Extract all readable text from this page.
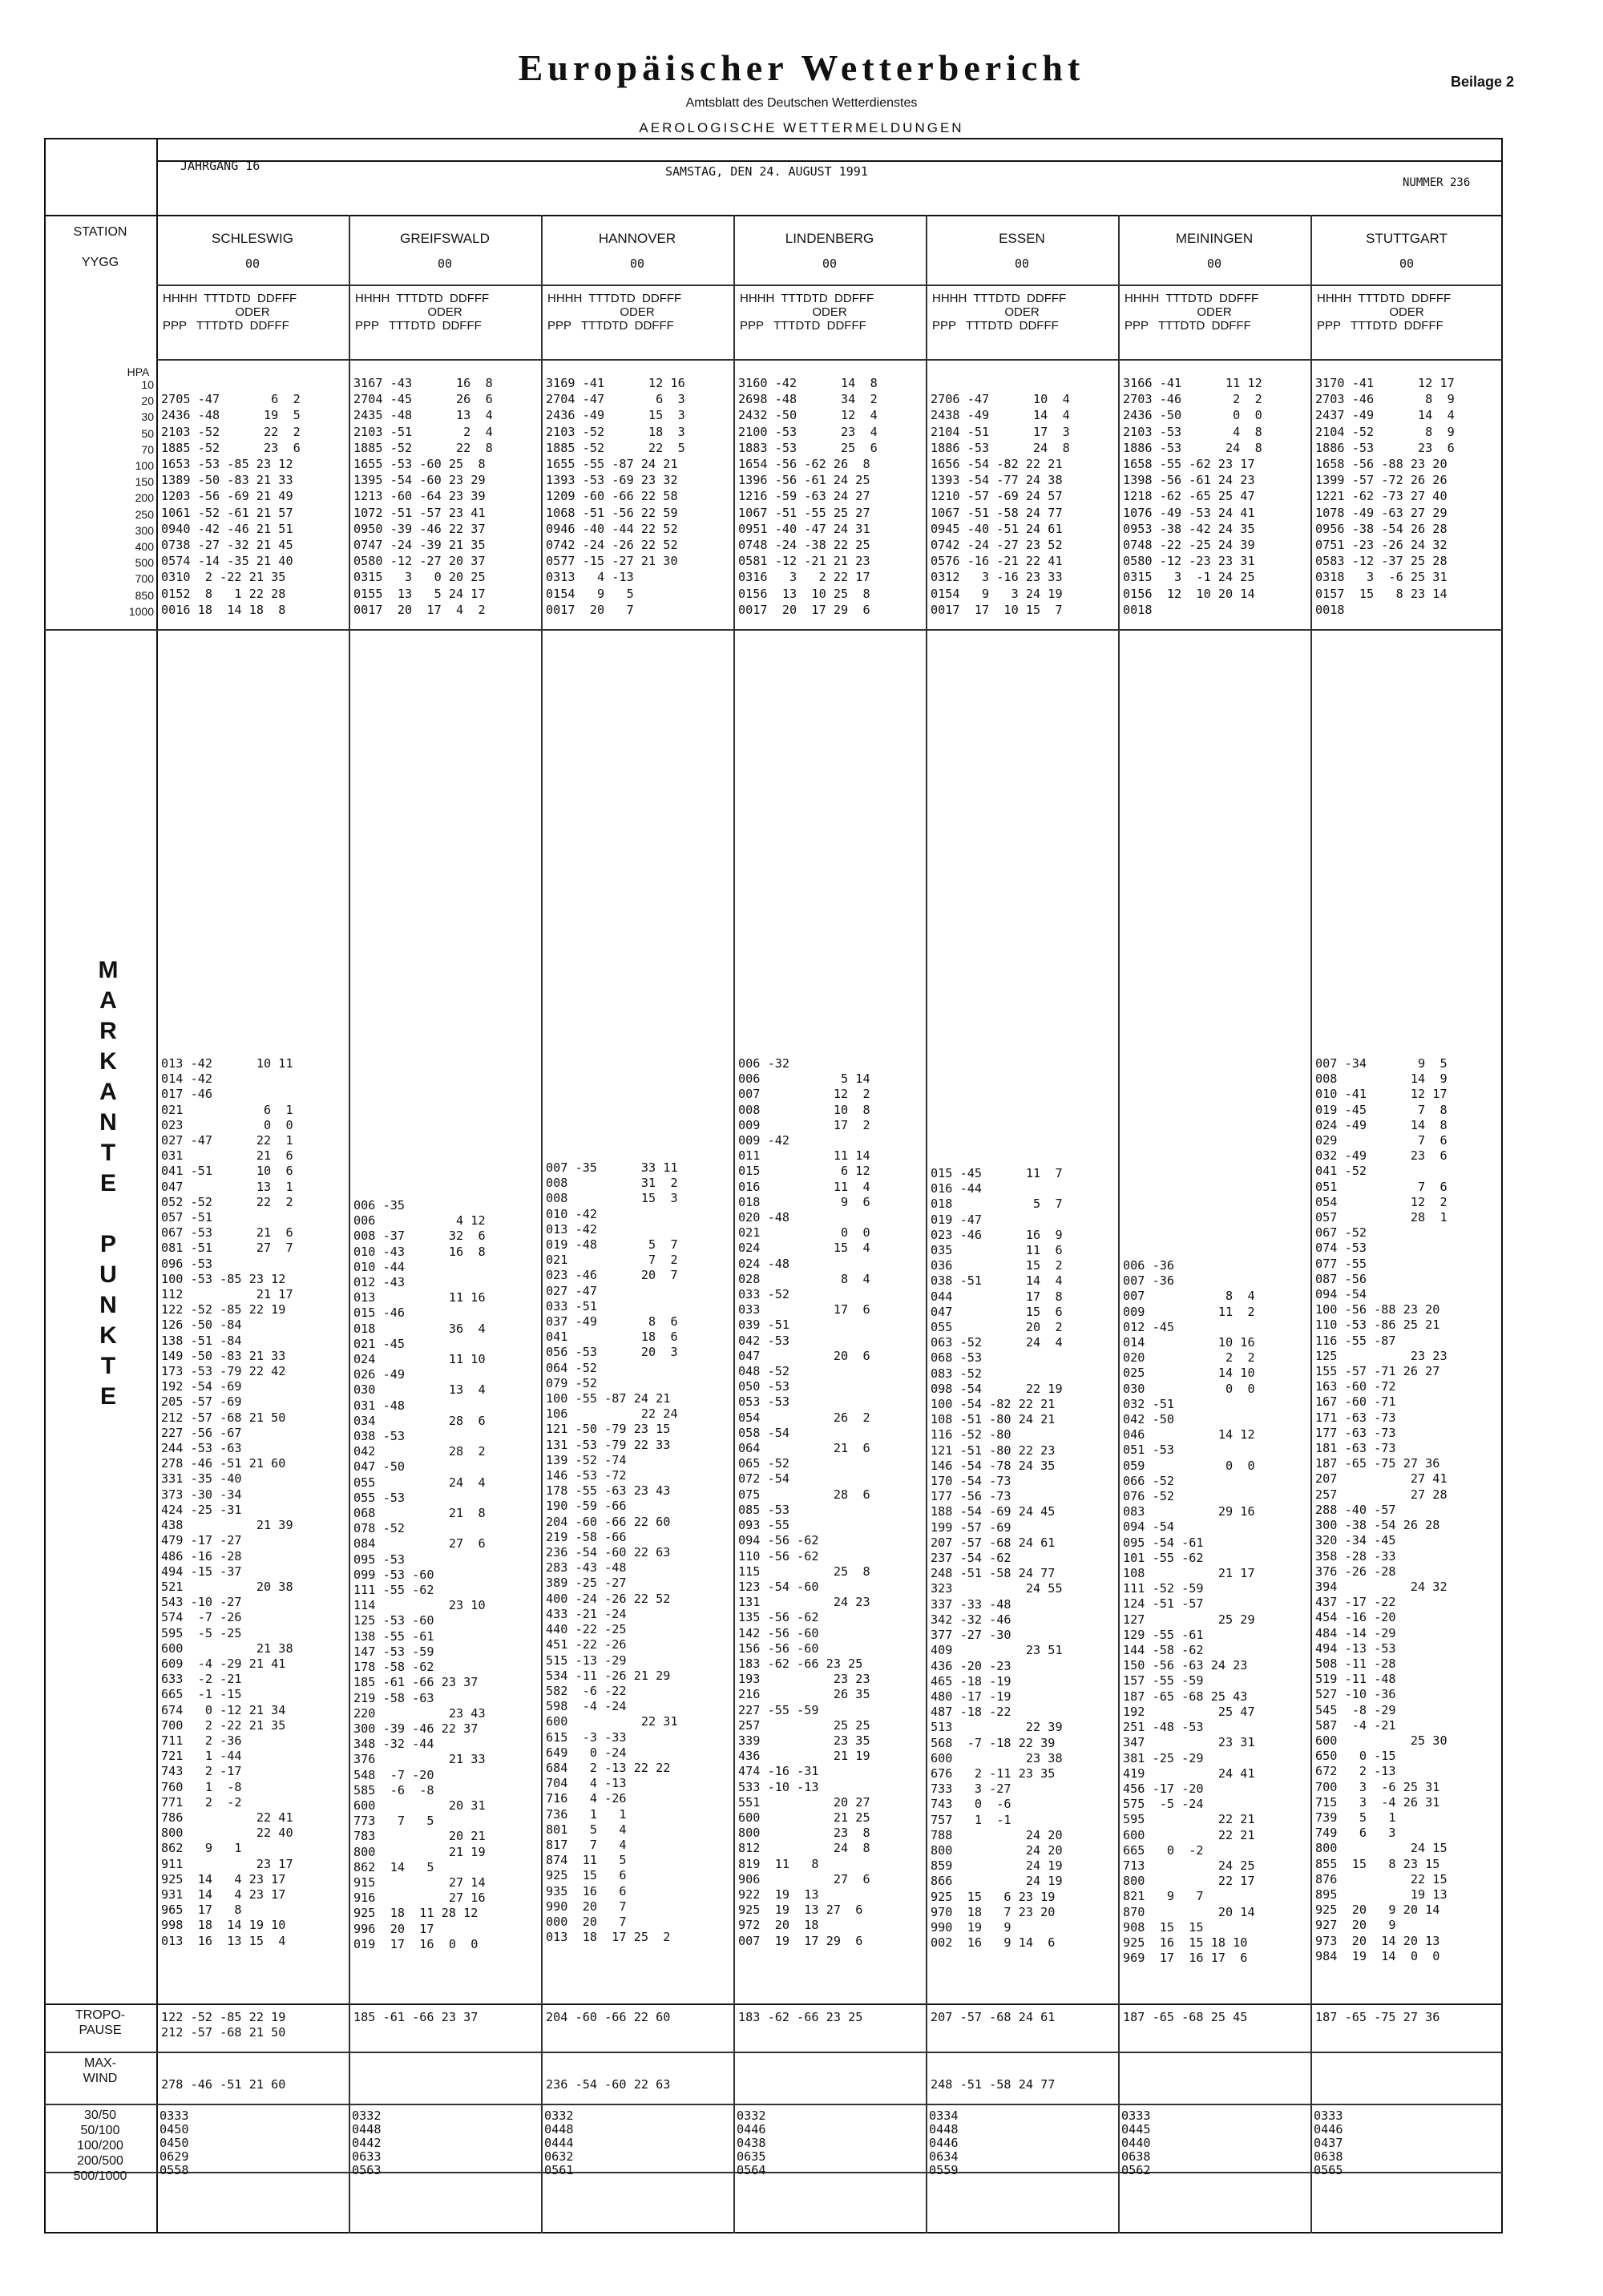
Europäischer Wetterbericht
Amtsblatt des Deutschen Wetterdienstes
Beilage 2
AEROLOGISCHE WETTERMELDUNGEN
JAHRGANG 16	SAMSTAG, DEN 24. AUGUST 1991
NUMMER 236
STATION
YYGG
HPA
10
20
30
50
70
100
150
200
250
300
400
500
700
850
1000
M
A
R
K
A
N
T
E

P
U
N
K
T
E
TROPO-
PAUSE
MAX-
WIND
30/50
50/100
100/200
200/500
500/1000
SCHLESWIG
00
HHHH  TTTDTD  DDFFF
ODER
PPP   TTTDTD  DDFFF

2705 -47       6  2
2436 -48      19  5
2103 -52      22  2
1885 -52      23  6
1653 -53 -85 23 12
1389 -50 -83 21 33
1203 -56 -69 21 49
1061 -52 -61 21 57
0940 -42 -46 21 51
0738 -27 -32 21 45
0574 -14 -35 21 40
0310  2 -22 21 35
0152  8   1 22 28
0016 18  14 18  8
013 -42      10 11
014 -42
017 -46
021           6  1
023           0  0
027 -47      22  1
031          21  6
041 -51      10  6
047          13  1
052 -52      22  2
057 -51
067 -53      21  6
081 -51      27  7
096 -53
100 -53 -85 23 12
112          21 17
122 -52 -85 22 19
126 -50 -84
138 -51 -84
149 -50 -83 21 33
173 -53 -79 22 42
192 -54 -69
205 -57 -69
212 -57 -68 21 50
227 -56 -67
244 -53 -63
278 -46 -51 21 60
331 -35 -40
373 -30 -34
424 -25 -31
438          21 39
479 -17 -27
486 -16 -28
494 -15 -37
521          20 38
543 -10 -27
574  -7 -26
595  -5 -25
600          21 38
609  -4 -29 21 41
633  -2 -21
665  -1 -15
674   0 -12 21 34
700   2 -22 21 35
711   2 -36
721   1 -44
743   2 -17
760   1  -8
771   2  -2
786          22 41
800          22 40
862   9   1
911          23 17
925  14   4 23 17
931  14   4 23 17
965  17   8
998  18  14 19 10
013  16  13 15  4
122 -52 -85 22 19
212 -57 -68 21 50
278 -46 -51 21 60
0333
0450
0450
0629
0558
GREIFSWALD
00
HHHH  TTTDTD  DDFFF
ODER
PPP   TTTDTD  DDFFF
3167 -43      16  8
2704 -45      26  6
2435 -48      13  4
2103 -51       2  4
1885 -52      22  8
1655 -53 -60 25  8
1395 -54 -60 23 29
1213 -60 -64 23 39
1072 -51 -57 23 41
0950 -39 -46 22 37
0747 -24 -39 21 35
0580 -12 -27 20 37
0315   3   0 20 25
0155  13   5 24 17
0017  20  17  4  2
006 -35
006           4 12
008 -37      32  6
010 -43      16  8
010 -44
012 -43
013          11 16
015 -46
018          36  4
021 -45
024          11 10
026 -49
030          13  4
031 -48
034          28  6
038 -53
042          28  2
047 -50
055          24  4
055 -53
068          21  8
078 -52
084          27  6
095 -53
099 -53 -60
111 -55 -62
114          23 10
125 -53 -60
138 -55 -61
147 -53 -59
178 -58 -62
185 -61 -66 23 37
219 -58 -63
220          23 43
300 -39 -46 22 37
348 -32 -44
376          21 33
548  -7 -20
585  -6  -8
600          20 31
773   7   5
783          20 21
800          21 19
862  14   5
915          27 14
916          27 16
925  18  11 28 12
996  20  17
019  17  16  0  0
185 -61 -66 23 37
0332
0448
0442
0633
0563
HANNOVER
00
HHHH  TTTDTD  DDFFF
ODER
PPP   TTTDTD  DDFFF
3169 -41      12 16
2704 -47       6  3
2436 -49      15  3
2103 -52      18  3
1885 -52      22  5
1655 -55 -87 24 21
1393 -53 -69 23 32
1209 -60 -66 22 58
1068 -51 -56 22 59
0946 -40 -44 22 52
0742 -24 -26 22 52
0577 -15 -27 21 30
0313   4 -13
0154   9   5
0017  20   7
007 -35      33 11
008          31  2
008          15  3
010 -42
013 -42
019 -48       5  7
021           7  2
023 -46      20  7
027 -47
033 -51
037 -49       8  6
041          18  6
056 -53      20  3
064 -52
079 -52
100 -55 -87 24 21
106          22 24
121 -50 -79 23 15
131 -53 -79 22 33
139 -52 -74
146 -53 -72
178 -55 -63 23 43
190 -59 -66
204 -60 -66 22 60
219 -58 -66
236 -54 -60 22 63
283 -43 -48
389 -25 -27
400 -24 -26 22 52
433 -21 -24
440 -22 -25
451 -22 -26
515 -13 -29
534 -11 -26 21 29
582  -6 -22
598  -4 -24
600          22 31
615  -3 -33
649   0 -24
684   2 -13 22 22
704   4 -13
716   4 -26
736   1   1
801   5   4
817   7   4
874  11   5
925  15   6
935  16   6
990  20   7
000  20   7
013  18  17 25  2
204 -60 -66 22 60
236 -54 -60 22 63
0332
0448
0444
0632
0561
LINDENBERG
00
HHHH  TTTDTD  DDFFF
ODER
PPP   TTTDTD  DDFFF
3160 -42      14  8
2698 -48      34  2
2432 -50      12  4
2100 -53      23  4
1883 -53      25  6
1654 -56 -62 26  8
1396 -56 -61 24 25
1216 -59 -63 24 27
1067 -51 -55 25 27
0951 -40 -47 24 31
0748 -24 -38 22 25
0581 -12 -21 21 23
0316   3   2 22 17
0156  13  10 25  8
0017  20  17 29  6
006 -32
006           5 14
007          12  2
008          10  8
009          17  2
009 -42
011          11 14
015           6 12
016          11  4
018           9  6
020 -48
021           0  0
024          15  4
024 -48
028           8  4
033 -52
033          17  6
039 -51
042 -53
047          20  6
048 -52
050 -53
053 -53
054          26  2
058 -54
064          21  6
065 -52
072 -54
075          28  6
085 -53
093 -55
094 -56 -62
110 -56 -62
115          25  8
123 -54 -60
131          24 23
135 -56 -62
142 -56 -60
156 -56 -60
183 -62 -66 23 25
193          23 23
216          26 35
227 -55 -59
257          25 25
339          23 35
436          21 19
474 -16 -31
533 -10 -13
551          20 27
600          21 25
800          23  8
812          24  8
819  11   8
906          27  6
922  19  13
925  19  13 27  6
972  20  18
007  19  17 29  6
183 -62 -66 23 25
0332
0446
0438
0635
0564
ESSEN
00
HHHH  TTTDTD  DDFFF
ODER
PPP   TTTDTD  DDFFF

2706 -47      10  4
2438 -49      14  4
2104 -51      17  3
1886 -53      24  8
1656 -54 -82 22 21
1393 -54 -77 24 38
1210 -57 -69 24 57
1067 -51 -58 24 77
0945 -40 -51 24 61
0742 -24 -27 23 52
0576 -16 -21 22 41
0312   3 -16 23 33
0154   9   3 24 19
0017  17  10 15  7
015 -45      11  7
016 -44
018           5  7
019 -47
023 -46      16  9
035          11  6
036          15  2
038 -51      14  4
044          17  8
047          15  6
055          20  2
063 -52      24  4
068 -53
083 -52
098 -54      22 19
100 -54 -82 22 21
108 -51 -80 24 21
116 -52 -80
121 -51 -80 22 23
146 -54 -78 24 35
170 -54 -73
177 -56 -73
188 -54 -69 24 45
199 -57 -69
207 -57 -68 24 61
237 -54 -62
248 -51 -58 24 77
323          24 55
337 -33 -48
342 -32 -46
377 -27 -30
409          23 51
436 -20 -23
465 -18 -19
480 -17 -19
487 -18 -22
513          22 39
568  -7 -18 22 39
600          23 38
676   2 -11 23 35
733   3 -27
743   0  -6
757   1  -1
788          24 20
800          24 20
859          24 19
866          24 19
925  15   6 23 19
970  18   7 23 20
990  19   9
002  16   9 14  6
207 -57 -68 24 61
248 -51 -58 24 77
0334
0448
0446
0634
0559
MEININGEN
00
HHHH  TTTDTD  DDFFF
ODER
PPP   TTTDTD  DDFFF
3166 -41      11 12
2703 -46       2  2
2436 -50       0  0
2103 -53       4  8
1886 -53      24  8
1658 -55 -62 23 17
1398 -56 -61 24 23
1218 -62 -65 25 47
1076 -49 -53 24 41
0953 -38 -42 24 35
0748 -22 -25 24 39
0580 -12 -23 23 31
0315   3  -1 24 25
0156  12  10 20 14
0018
006 -36
007 -36
007           8  4
009          11  2
012 -45
014          10 16
020           2  2
025          14 10
030           0  0
032 -51
042 -50
046          14 12
051 -53
059           0  0
066 -52
076 -52
083          29 16
094 -54
095 -54 -61
101 -55 -62
108          21 17
111 -52 -59
124 -51 -57
127          25 29
129 -55 -61
144 -58 -62
150 -56 -63 24 23
157 -55 -59
187 -65 -68 25 43
192          25 47
251 -48 -53
347          23 31
381 -25 -29
419          24 41
456 -17 -20
575  -5 -24
595          22 21
600          22 21
665   0  -2
713          24 25
800          22 17
821   9   7
870          20 14
908  15  15
925  16  15 18 10
969  17  16 17  6
187 -65 -68 25 45
0333
0445
0440
0638
0562
STUTTGART
00
HHHH  TTTDTD  DDFFF
ODER
PPP   TTTDTD  DDFFF
3170 -41      12 17
2703 -46       8  9
2437 -49      14  4
2104 -52       8  9
1886 -53      23  6
1658 -56 -88 23 20
1399 -57 -72 26 26
1221 -62 -73 27 40
1078 -49 -63 27 29
0956 -38 -54 26 28
0751 -23 -26 24 32
0583 -12 -37 25 28
0318   3  -6 25 31
0157  15   8 23 14
0018
007 -34       9  5
008          14  9
010 -41      12 17
019 -45       7  8
024 -49      14  8
029           7  6
032 -49      23  6
041 -52
051           7  6
054          12  2
057          28  1
067 -52
074 -53
077 -55
087 -56
094 -54
100 -56 -88 23 20
110 -53 -86 25 21
116 -55 -87
125          23 23
155 -57 -71 26 27
163 -60 -72
167 -60 -71
171 -63 -73
177 -63 -73
181 -63 -73
187 -65 -75 27 36
207          27 41
257          27 28
288 -40 -57
300 -38 -54 26 28
320 -34 -45
358 -28 -33
376 -26 -28
394          24 32
437 -17 -22
454 -16 -20
484 -14 -29
494 -13 -53
508 -11 -28
519 -11 -48
527 -10 -36
545  -8 -29
587  -4 -21
600          25 30
650   0 -15
672   2 -13
700   3  -6 25 31
715   3  -4 26 31
739   5   1
749   6   3
800          24 15
855  15   8 23 15
876          22 15
895          19 13
925  20   9 20 14
927  20   9
973  20  14 20 13
984  19  14  0  0
187 -65 -75 27 36
0333
0446
0437
0638
0565
